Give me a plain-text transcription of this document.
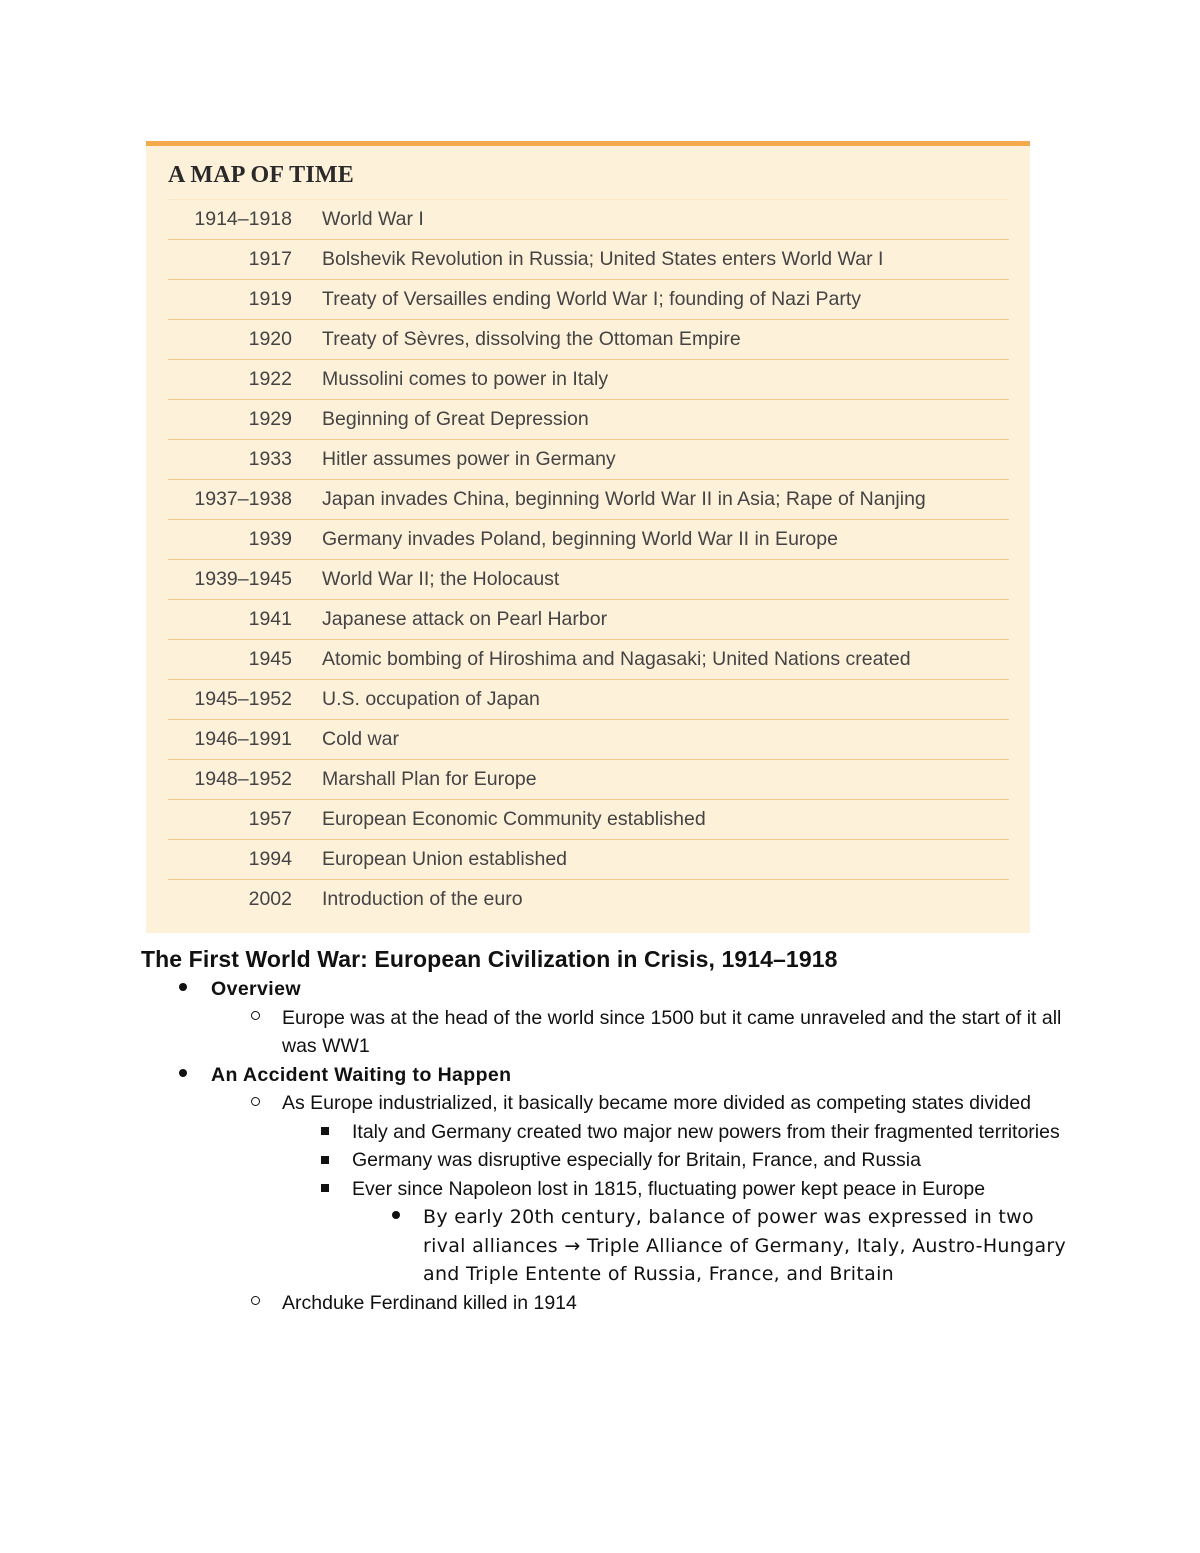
A MAP OF TIME
1914–1918 World War I
1917 Bolshevik Revolution in Russia; United States enters World War I
1919 Treaty of Versailles ending World War I; founding of Nazi Party
1920 Treaty of Sèvres, dissolving the Ottoman Empire
1922 Mussolini comes to power in Italy
1929 Beginning of Great Depression
1933 Hitler assumes power in Germany
1937–1938 Japan invades China, beginning World War II in Asia; Rape of Nanjing
1939 Germany invades Poland, beginning World War II in Europe
1939–1945 World War II; the Holocaust
1941 Japanese attack on Pearl Harbor
1945 Atomic bombing of Hiroshima and Nagasaki; United Nations created
1945–1952 U.S. occupation of Japan
1946–1991 Cold war
1948–1952 Marshall Plan for Europe
1957 European Economic Community established
1994 European Union established
2002 Introduction of the euro
The First World War: European Civilization in Crisis, 1914–1918
Overview
Europe was at the head of the world since 1500 but it came unraveled and the start of it all was WW1
An Accident Waiting to Happen
As Europe industrialized, it basically became more divided as competing states divided
Italy and Germany created two major new powers from their fragmented territories
Germany was disruptive especially for Britain, France, and Russia
Ever since Napoleon lost in 1815, fluctuating power kept peace in Europe
By early 20th century, balance of power was expressed in two rival alliances → Triple Alliance of Germany, Italy, Austro-Hungary and Triple Entente of Russia, France, and Britain
Archduke Ferdinand killed in 1914
